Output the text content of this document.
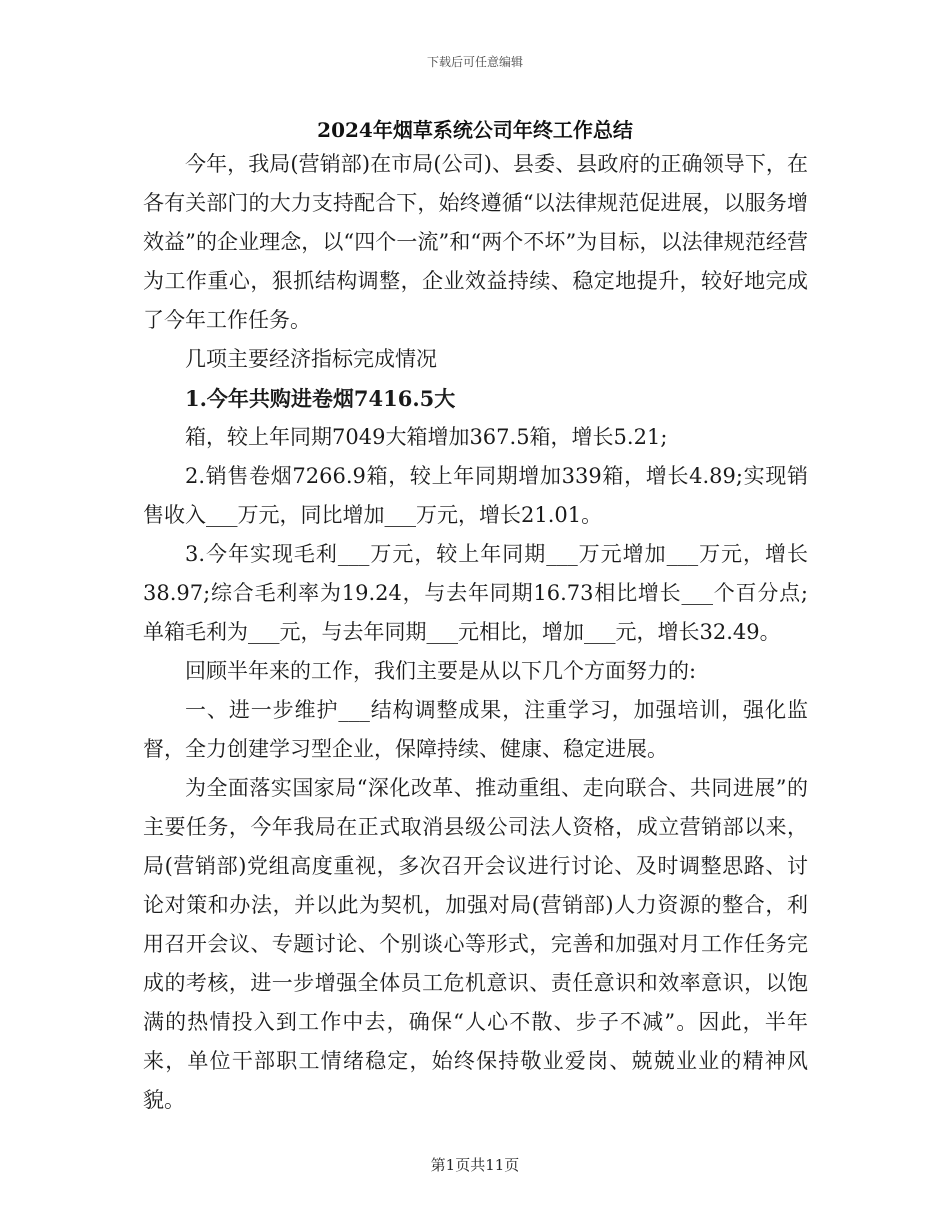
下载后可任意编辑
2024年烟草系统公司年终工作总结

今年，我局(营销部)在市局(公司)、县委、县政府的正确领导下，在各有关部门的大力支持配合下，始终遵循“以法律规范促进展，以服务增效益”的企业理念，以“四个一流”和“两个不坏”为目标，以法律规范经营为工作重心，狠抓结构调整，企业效益持续、稳定地提升，较好地完成了今年工作任务。

几项主要经济指标完成情况

1.今年共购进卷烟7416.5大

箱，较上年同期7049大箱增加367.5箱，增长5.21;

2.销售卷烟7266.9箱，较上年同期增加339箱，增长4.89;实现销售收入___万元，同比增加___万元，增长21.01。

3.今年实现毛利___万元，较上年同期___万元增加___万元，增长38.97;综合毛利率为19.24，与去年同期16.73相比增长___个百分点;单箱毛利为___元，与去年同期___元相比，增加___元，增长32.49。

回顾半年来的工作，我们主要是从以下几个方面努力的:

一、进一步维护___结构调整成果，注重学习，加强培训，强化监督，全力创建学习型企业，保障持续、健康、稳定进展。

为全面落实国家局“深化改革、推动重组、走向联合、共同进展”的主要任务，今年我局在正式取消县级公司法人资格，成立营销部以来，局(营销部)党组高度重视，多次召开会议进行讨论、及时调整思路、讨论对策和办法，并以此为契机，加强对局(营销部)人力资源的整合，利用召开会议、专题讨论、个别谈心等形式，完善和加强对月工作任务完成的考核，进一步增强全体员工危机意识、责任意识和效率意识，以饱满的热情投入到工作中去，确保“人心不散、步子不减”。因此，半年来，单位干部职工情绪稳定，始终保持敬业爱岗、兢兢业业的精神风貌。

第1页共11页
